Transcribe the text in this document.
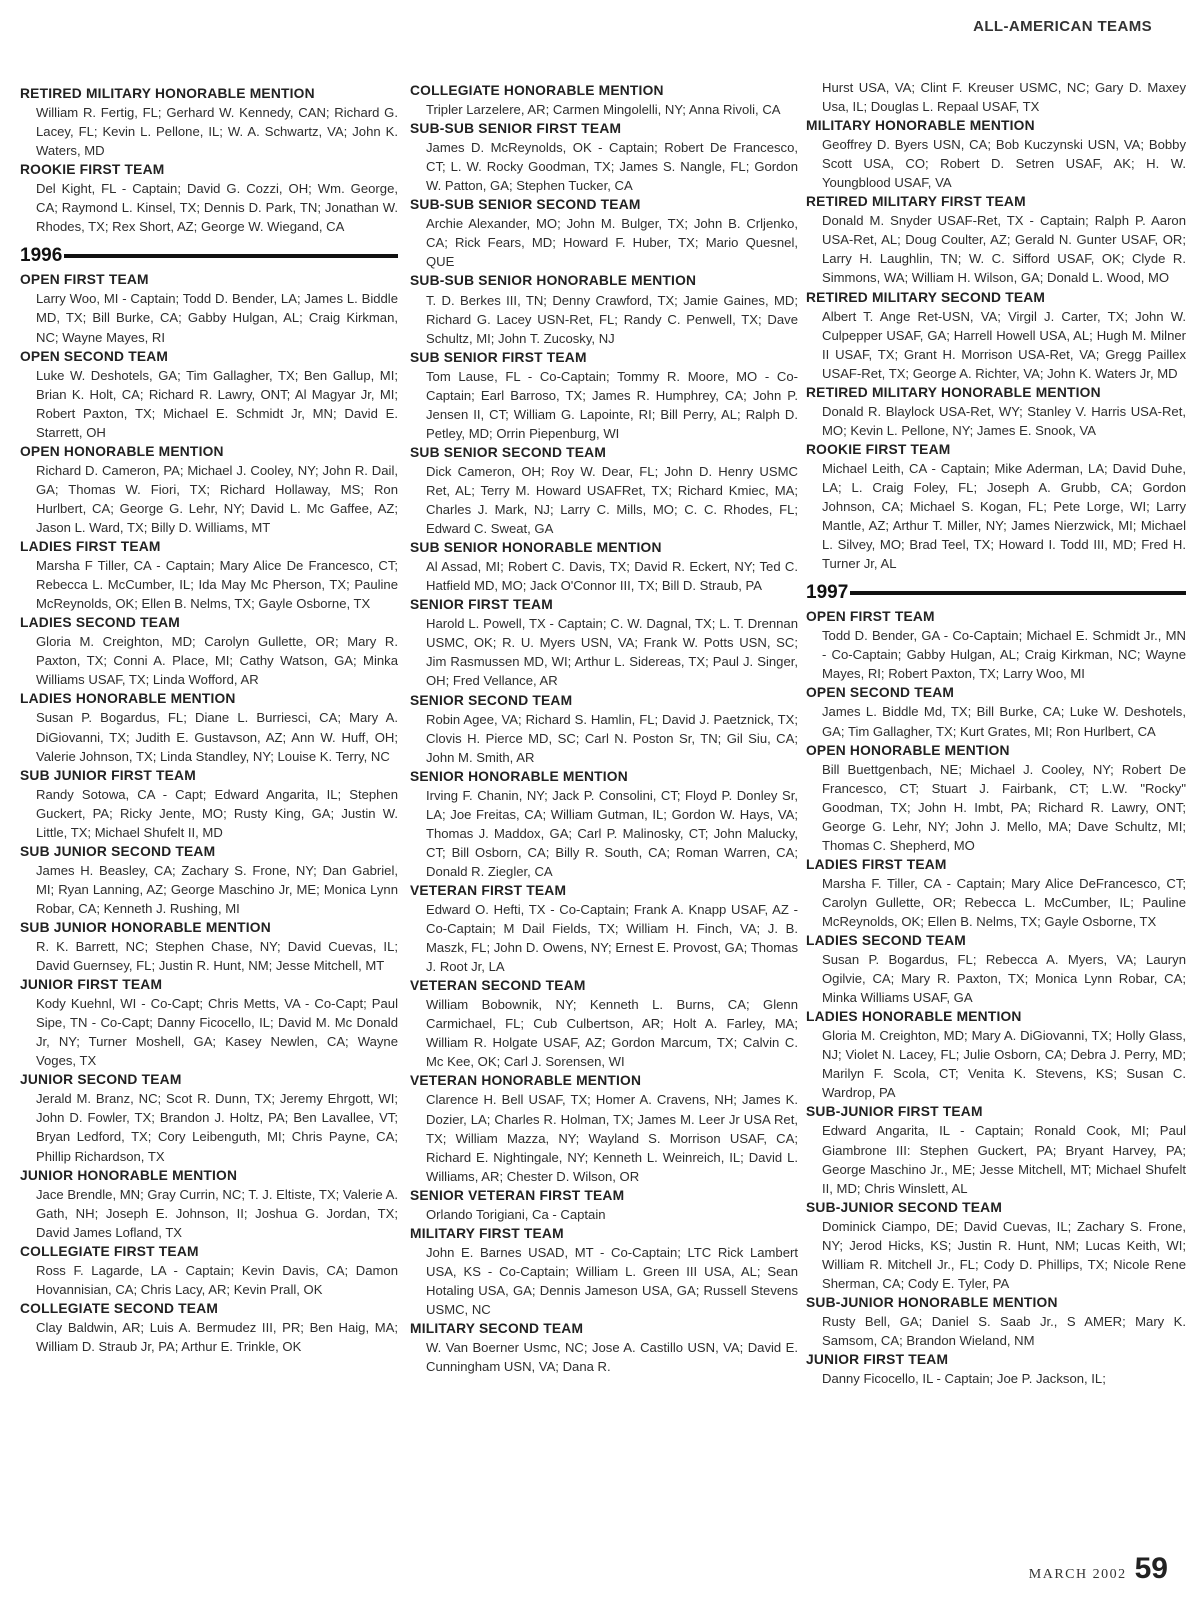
ALL-AMERICAN TEAMS
RETIRED MILITARY HONORABLE MENTION

William R. Fertig, FL; Gerhard W. Kennedy, CAN; Richard G. Lacey, FL; Kevin L. Pellone, IL; W. A. Schwartz, VA; John K. Waters, MD

ROOKIE FIRST TEAM

Del Kight, FL - Captain; David G. Cozzi, OH; Wm. George, CA; Raymond L. Kinsel, TX; Dennis D. Park, TN; Jonathan W. Rhodes, TX; Rex Short, AZ; George W. Wiegand, CA

1996
OPEN FIRST TEAM

Larry Woo, MI - Captain; Todd D. Bender, LA; James L. Biddle MD, TX; Bill Burke, CA; Gabby Hulgan, AL; Craig Kirkman, NC; Wayne Mayes, RI

OPEN SECOND TEAM

Luke W. Deshotels, GA; Tim Gallagher, TX; Ben Gallup, MI; Brian K. Holt, CA; Richard R. Lawry, ONT; Al Magyar Jr, MI; Robert Paxton, TX; Michael E. Schmidt Jr, MN; David E. Starrett, OH

OPEN HONORABLE MENTION

Richard D. Cameron, PA; Michael J. Cooley, NY; John R. Dail, GA; Thomas W. Fiori, TX; Richard Hollaway, MS; Ron Hurlbert, CA; George G. Lehr, NY; David L. Mc Gaffee, AZ; Jason L. Ward, TX; Billy D. Williams, MT

LADIES FIRST TEAM

Marsha F Tiller, CA - Captain; Mary Alice De Francesco, CT; Rebecca L. McCumber, IL; Ida May Mc Pherson, TX; Pauline McReynolds, OK; Ellen B. Nelms, TX; Gayle Osborne, TX

LADIES SECOND TEAM

Gloria M. Creighton, MD; Carolyn Gullette, OR; Mary R. Paxton, TX; Conni A. Place, MI; Cathy Watson, GA; Minka Williams USAF, TX; Linda Wofford, AR

LADIES HONORABLE MENTION

Susan P. Bogardus, FL; Diane L. Burriesci, CA; Mary A. DiGiovanni, TX; Judith E. Gustavson, AZ; Ann W. Huff, OH; Valerie Johnson, TX; Linda Standley, NY; Louise K. Terry, NC

SUB JUNIOR FIRST TEAM

Randy Sotowa, CA - Capt; Edward Angarita, IL; Stephen Guckert, PA; Ricky Jente, MO; Rusty King, GA; Justin W. Little, TX; Michael Shufelt II, MD

SUB JUNIOR SECOND TEAM

James H. Beasley, CA; Zachary S. Frone, NY; Dan Gabriel, MI; Ryan Lanning, AZ; George Maschino Jr, ME; Monica Lynn Robar, CA; Kenneth J. Rushing, MI

SUB JUNIOR HONORABLE MENTION

R. K. Barrett, NC; Stephen Chase, NY; David Cuevas, IL; David Guernsey, FL; Justin R. Hunt, NM; Jesse Mitchell, MT

JUNIOR FIRST TEAM

Kody Kuehnl, WI - Co-Capt; Chris Metts, VA - Co-Capt; Paul Sipe, TN - Co-Capt; Danny Ficocello, IL; David M. Mc Donald Jr, NY; Turner Moshell, GA; Kasey Newlen, CA; Wayne Voges, TX

JUNIOR SECOND TEAM

Jerald M. Branz, NC; Scot R. Dunn, TX; Jeremy Ehrgott, WI; John D. Fowler, TX; Brandon J. Holtz, PA; Ben Lavallee, VT; Bryan Ledford, TX; Cory Leibenguth, MI; Chris Payne, CA; Phillip Richardson, TX

JUNIOR HONORABLE MENTION

Jace Brendle, MN; Gray Currin, NC; T. J. Eltiste, TX; Valerie A. Gath, NH; Joseph E. Johnson, II; Joshua G. Jordan, TX; David James Lofland, TX

COLLEGIATE FIRST TEAM

Ross F. Lagarde, LA - Captain; Kevin Davis, CA; Damon Hovannisian, CA; Chris Lacy, AR; Kevin Prall, OK

COLLEGIATE SECOND TEAM

Clay Baldwin, AR; Luis A. Bermudez III, PR; Ben Haig, MA; William D. Straub Jr, PA; Arthur E. Trinkle, OK

COLLEGIATE HONORABLE MENTION

Tripler Larzelere, AR; Carmen Mingolelli, NY; Anna Rivoli, CA

SUB-SUB SENIOR FIRST TEAM

James D. McReynolds, OK - Captain; Robert De Francesco, CT; L. W. Rocky Goodman, TX; James S. Nangle, FL; Gordon W. Patton, GA; Stephen Tucker, CA

SUB-SUB SENIOR SECOND TEAM

Archie Alexander, MO; John M. Bulger, TX; John B. Crljenko, CA; Rick Fears, MD; Howard F. Huber, TX; Mario Quesnel, QUE

SUB-SUB SENIOR HONORABLE MENTION

T. D. Berkes III, TN; Denny Crawford, TX; Jamie Gaines, MD; Richard G. Lacey USN-Ret, FL; Randy C. Penwell, TX; Dave Schultz, MI; John T. Zucosky, NJ

SUB SENIOR FIRST TEAM

Tom Lause, FL - Co-Captain; Tommy R. Moore, MO - Co-Captain; Earl Barroso, TX; James R. Humphrey, CA; John P. Jensen II, CT; William G. Lapointe, RI; Bill Perry, AL; Ralph D. Petley, MD; Orrin Piepenburg, WI

SUB SENIOR SECOND TEAM

Dick Cameron, OH; Roy W. Dear, FL; John D. Henry USMC Ret, AL; Terry M. Howard USAFRet, TX; Richard Kmiec, MA; Charles J. Mark, NJ; Larry C. Mills, MO; C. C. Rhodes, FL; Edward C. Sweat, GA

SUB SENIOR HONORABLE MENTION

Al Assad, MI; Robert C. Davis, TX; David R. Eckert, NY; Ted C. Hatfield MD, MO; Jack O'Connor III, TX; Bill D. Straub, PA

SENIOR FIRST TEAM

Harold L. Powell, TX - Captain; C. W. Dagnal, TX; L. T. Drennan USMC, OK; R. U. Myers USN, VA; Frank W. Potts USN, SC; Jim Rasmussen MD, WI; Arthur L. Sidereas, TX; Paul J. Singer, OH; Fred Vellance, AR

SENIOR SECOND TEAM

Robin Agee, VA; Richard S. Hamlin, FL; David J. Paetznick, TX; Clovis H. Pierce MD, SC; Carl N. Poston Sr, TN; Gil Siu, CA; John M. Smith, AR

SENIOR HONORABLE MENTION

Irving F. Chanin, NY; Jack P. Consolini, CT; Floyd P. Donley Sr, LA; Joe Freitas, CA; William Gutman, IL; Gordon W. Hays, VA; Thomas J. Maddox, GA; Carl P. Malinosky, CT; John Malucky, CT; Bill Osborn, CA; Billy R. South, CA; Roman Warren, CA; Donald R. Ziegler, CA

VETERAN FIRST TEAM

Edward O. Hefti, TX - Co-Captain; Frank A. Knapp USAF, AZ - Co-Captain; M Dail Fields, TX; William H. Finch, VA; J. B. Maszk, FL; John D. Owens, NY; Ernest E. Provost, GA; Thomas J. Root Jr, LA

VETERAN SECOND TEAM

William Bobownik, NY; Kenneth L. Burns, CA; Glenn Carmichael, FL; Cub Culbertson, AR; Holt A. Farley, MA; William R. Holgate USAF, AZ; Gordon Marcum, TX; Calvin C. Mc Kee, OK; Carl J. Sorensen, WI

VETERAN HONORABLE MENTION

Clarence H. Bell USAF, TX; Homer A. Cravens, NH; James K. Dozier, LA; Charles R. Holman, TX; James M. Leer Jr USA Ret, TX; William Mazza, NY; Wayland S. Morrison USAF, CA; Richard E. Nightingale, NY; Kenneth L. Weinreich, IL; David L. Williams, AR; Chester D. Wilson, OR

SENIOR VETERAN FIRST TEAM

Orlando Torigiani, Ca - Captain

MILITARY FIRST TEAM

John E. Barnes USAD, MT - Co-Captain; LTC Rick Lambert USA, KS - Co-Captain; William L. Green III USA, AL; Sean Hotaling USA, GA; Dennis Jameson USA, GA; Russell Stevens USMC, NC

MILITARY SECOND TEAM

W. Van Boerner Usmc, NC; Jose A. Castillo USN, VA; David E. Cunningham USN, VA; Dana R.

Hurst USA, VA; Clint F. Kreuser USMC, NC; Gary D. Maxey Usa, IL; Douglas L. Repaal USAF, TX

MILITARY HONORABLE MENTION

Geoffrey D. Byers USN, CA; Bob Kuczynski USN, VA; Bobby Scott USA, CO; Robert D. Setren USAF, AK; H. W. Youngblood USAF, VA

RETIRED MILITARY FIRST TEAM

Donald M. Snyder USAF-Ret, TX - Captain; Ralph P. Aaron USA-Ret, AL; Doug Coulter, AZ; Gerald N. Gunter USAF, OR; Larry H. Laughlin, TN; W. C. Sifford USAF, OK; Clyde R. Simmons, WA; William H. Wilson, GA; Donald L. Wood, MO

RETIRED MILITARY SECOND TEAM

Albert T. Ange Ret-USN, VA; Virgil J. Carter, TX; John W. Culpepper USAF, GA; Harrell Howell USA, AL; Hugh M. Milner II USAF, TX; Grant H. Morrison USA-Ret, VA; Gregg Paillex USAF-Ret, TX; George A. Richter, VA; John K. Waters Jr, MD

RETIRED MILITARY HONORABLE MENTION

Donald R. Blaylock USA-Ret, WY; Stanley V. Harris USA-Ret, MO; Kevin L. Pellone, NY; James E. Snook, VA

ROOKIE FIRST TEAM

Michael Leith, CA - Captain; Mike Aderman, LA; David Duhe, LA; L. Craig Foley, FL; Joseph A. Grubb, CA; Gordon Johnson, CA; Michael S. Kogan, FL; Pete Lorge, WI; Larry Mantle, AZ; Arthur T. Miller, NY; James Nierzwick, MI; Michael L. Silvey, MO; Brad Teel, TX; Howard I. Todd III, MD; Fred H. Turner Jr, AL

1997
OPEN FIRST TEAM

Todd D. Bender, GA - Co-Captain; Michael E. Schmidt Jr., MN - Co-Captain; Gabby Hulgan, AL; Craig Kirkman, NC; Wayne Mayes, RI; Robert Paxton, TX; Larry Woo, MI

OPEN SECOND TEAM

James L. Biddle Md, TX; Bill Burke, CA; Luke W. Deshotels, GA; Tim Gallagher, TX; Kurt Grates, MI; Ron Hurlbert, CA

OPEN HONORABLE MENTION

Bill Buettgenbach, NE; Michael J. Cooley, NY; Robert De Francesco, CT; Stuart J. Fairbank, CT; L.W. "Rocky" Goodman, TX; John H. Imbt, PA; Richard R. Lawry, ONT; George G. Lehr, NY; John J. Mello, MA; Dave Schultz, MI; Thomas C. Shepherd, MO

LADIES FIRST TEAM

Marsha F. Tiller, CA - Captain; Mary Alice DeFrancesco, CT; Carolyn Gullette, OR; Rebecca L. McCumber, IL; Pauline McReynolds, OK; Ellen B. Nelms, TX; Gayle Osborne, TX

LADIES SECOND TEAM

Susan P. Bogardus, FL; Rebecca A. Myers, VA; Lauryn Ogilvie, CA; Mary R. Paxton, TX; Monica Lynn Robar, CA; Minka Williams USAF, GA

LADIES HONORABLE MENTION

Gloria M. Creighton, MD; Mary A. DiGiovanni, TX; Holly Glass, NJ; Violet N. Lacey, FL; Julie Osborn, CA; Debra J. Perry, MD; Marilyn F. Scola, CT; Venita K. Stevens, KS; Susan C. Wardrop, PA

SUB-JUNIOR FIRST TEAM

Edward Angarita, IL - Captain; Ronald Cook, MI; Paul Giambrone III: Stephen Guckert, PA; Bryant Harvey, PA; George Maschino Jr., ME; Jesse Mitchell, MT; Michael Shufelt II, MD; Chris Winslett, AL

SUB-JUNIOR SECOND TEAM

Dominick Ciampo, DE; David Cuevas, IL; Zachary S. Frone, NY; Jerod Hicks, KS; Justin R. Hunt, NM; Lucas Keith, WI; William R. Mitchell Jr., FL; Cody D. Phillips, TX; Nicole Rene Sherman, CA; Cody E. Tyler, PA

SUB-JUNIOR HONORABLE MENTION

Rusty Bell, GA; Daniel S. Saab Jr., S AMER; Mary K. Samsom, CA; Brandon Wieland, NM

JUNIOR FIRST TEAM

Danny Ficocello, IL - Captain; Joe P. Jackson, IL;

MARCH 2002 59
